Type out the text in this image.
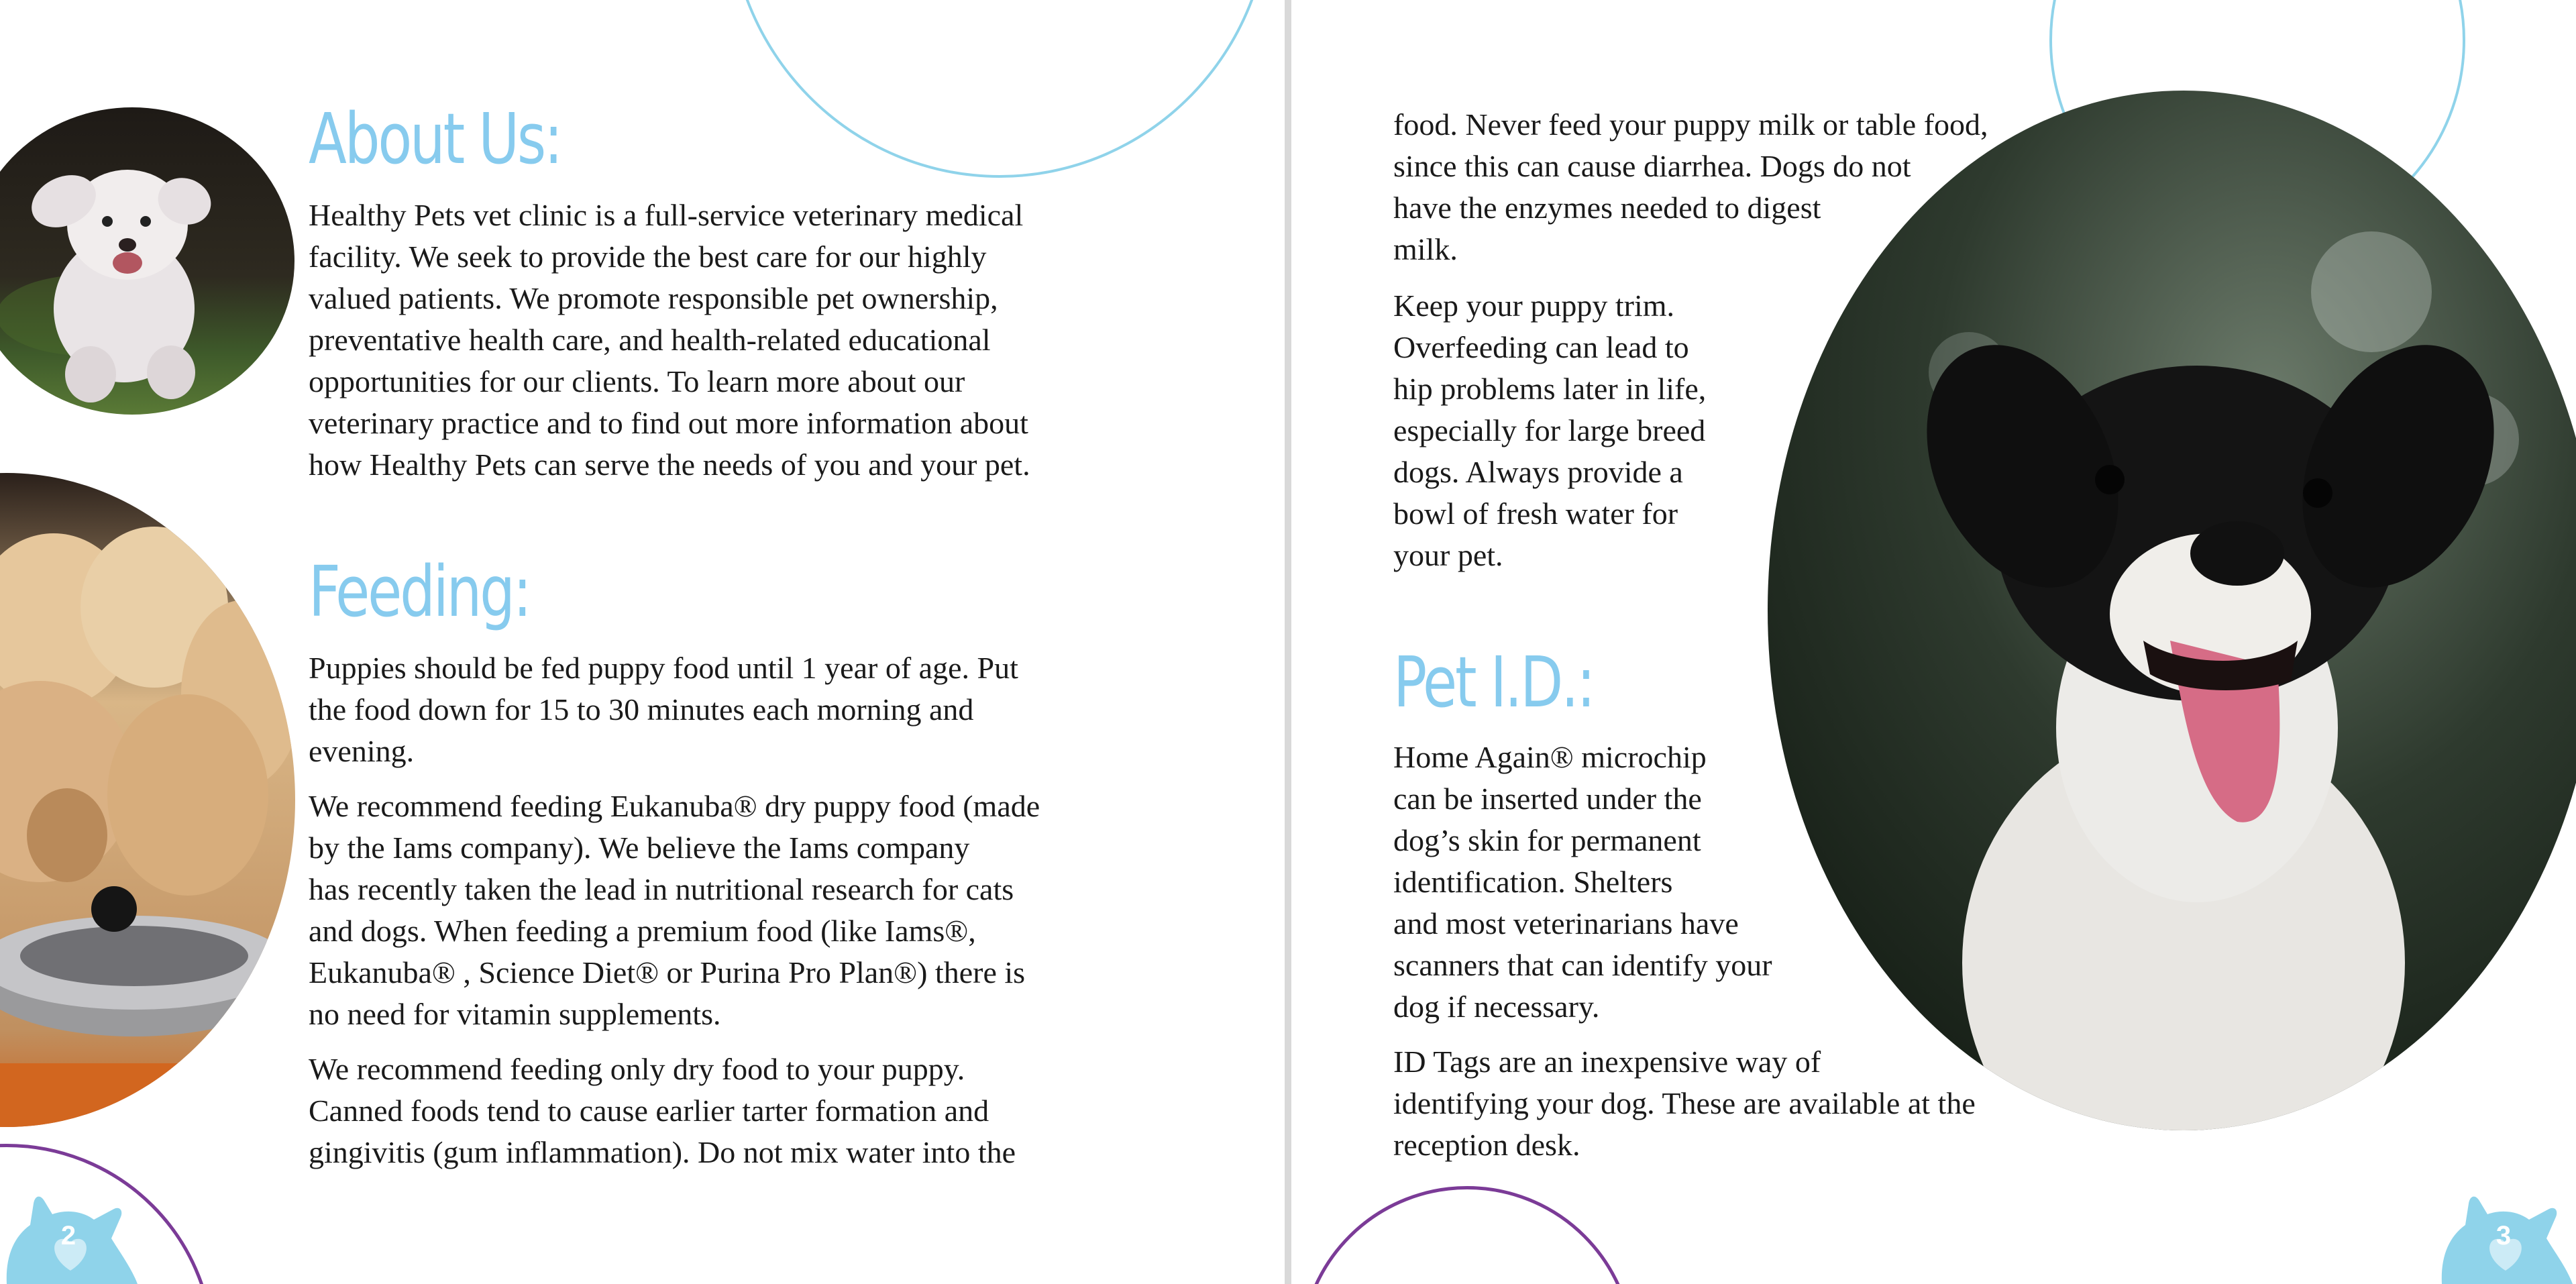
About Us:

Healthy Pets vet clinic is a full-service veterinary medical
facility. We seek to provide the best care for our highly
valued patients. We promote responsible pet ownership,
preventative health care, and health-related educational
opportunities for our clients. To learn more about our
veterinary practice and to find out more information about
how Healthy Pets can serve the needs of you and your pet.

Feeding:

Puppies should be fed puppy food until 1 year of age. Put
the food down for 15 to 30 minutes each morning and
evening.

We recommend feeding Eukanuba® dry puppy food (made
by the Iams company). We believe the Iams company
has recently taken the lead in nutritional research for cats
and dogs. When feeding a premium food (like Iams®,
Eukanuba® , Science Diet® or Purina Pro Plan®) there is
no need for vitamin supplements.

We recommend feeding only dry food to your puppy.
Canned foods tend to cause earlier tarter formation and
gingivitis (gum inflammation). Do not mix water into the

2

food. Never feed your puppy milk or table food,
since this can cause diarrhea. Dogs do not
have the enzymes needed to digest
milk.

Keep your puppy trim.
Overfeeding can lead to
hip problems later in life,
especially for large breed
dogs. Always provide a
bowl of fresh water for
your pet.

Pet I.D.:

Home Again® microchip
can be inserted under the
dog’s skin for permanent
identification. Shelters
and most veterinarians have
scanners that can identify your
dog if necessary.

ID Tags are an inexpensive way of
identifying your dog. These are available at the
reception desk.

3
